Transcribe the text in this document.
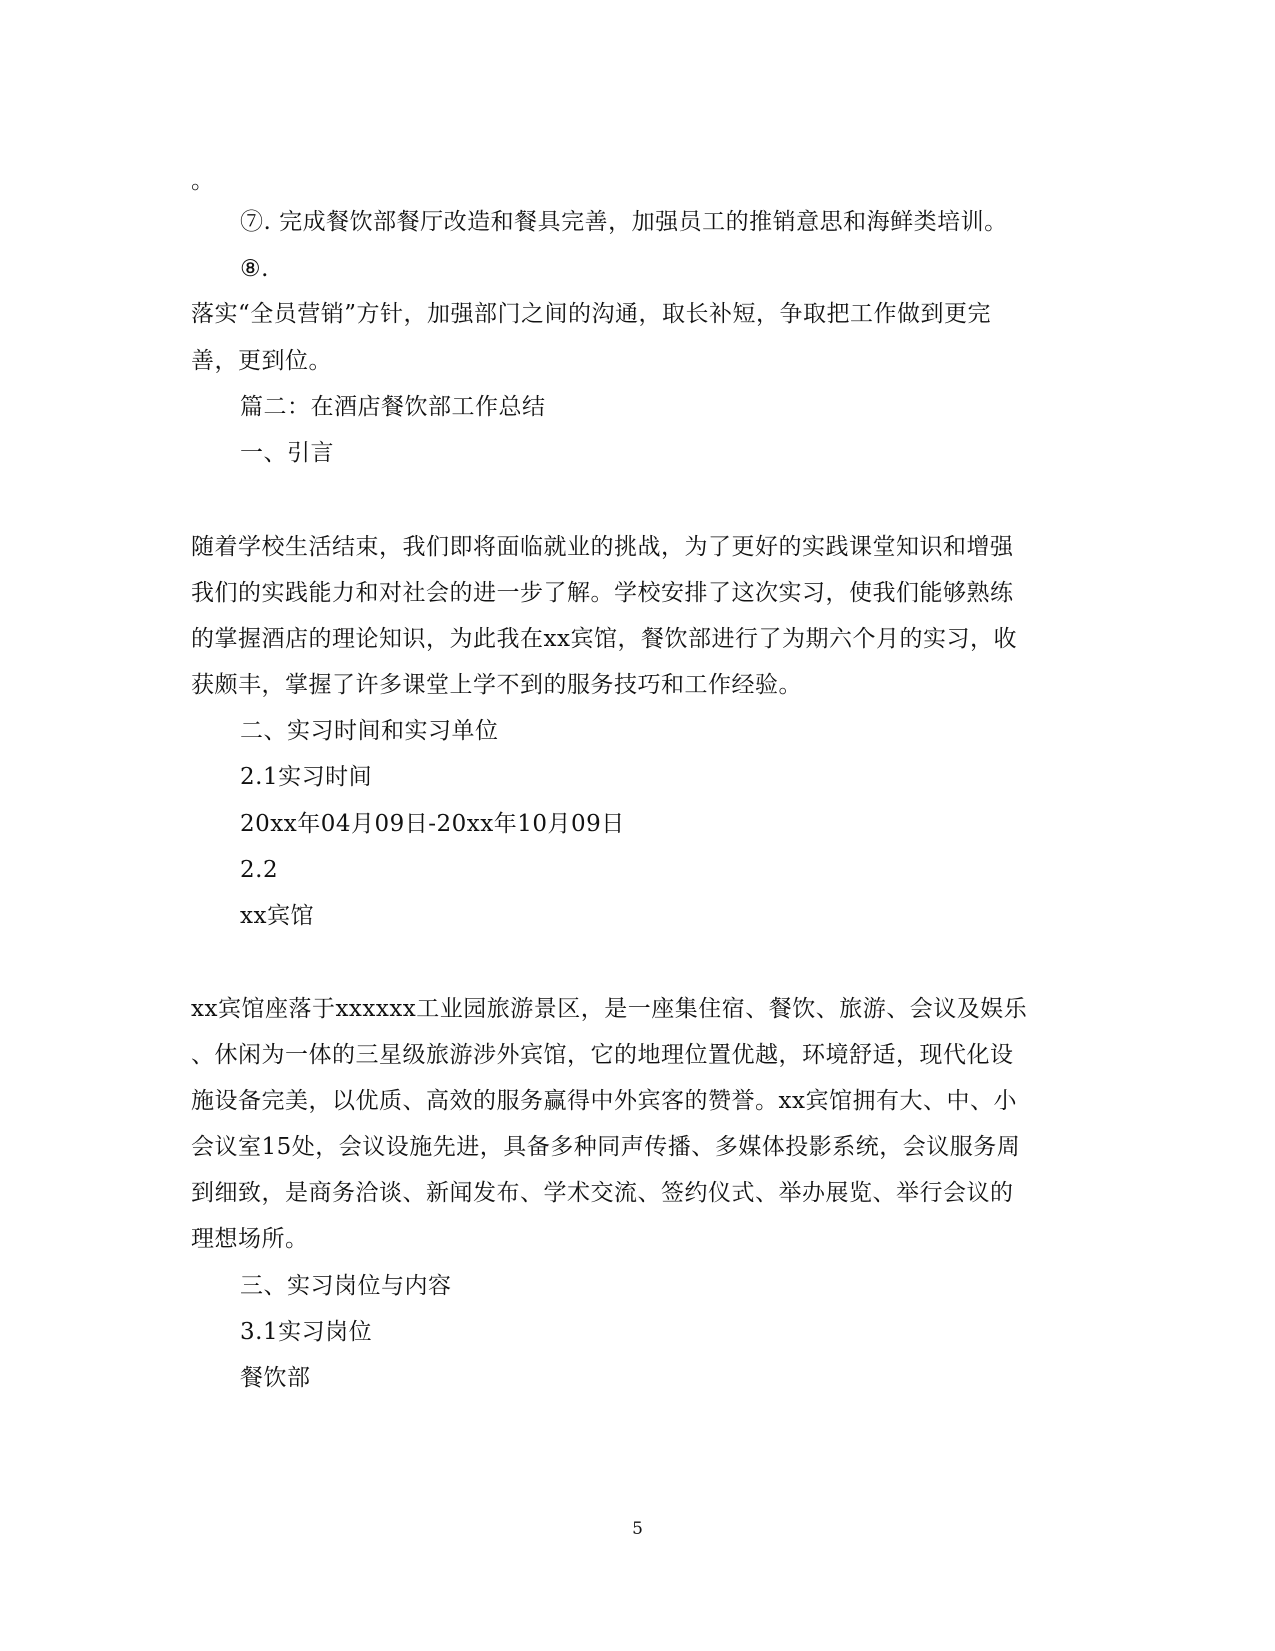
。
⑦. 完成餐饮部餐厅改造和餐具完善，加强员工的推销意思和海鲜类培训。
⑧.
落实“全员营销”方针，加强部门之间的沟通，取长补短，争取把工作做到更完
善，更到位。
篇二：在酒店餐饮部工作总结
一、引言
随着学校生活结束，我们即将面临就业的挑战，为了更好的实践课堂知识和增强
我们的实践能力和对社会的进一步了解。学校安排了这次实习，使我们能够熟练
的掌握酒店的理论知识，为此我在xx宾馆，餐饮部进行了为期六个月的实习，收
获颇丰，掌握了许多课堂上学不到的服务技巧和工作经验。
二、实习时间和实习单位
2.1实习时间
20xx年04月09日-20xx年10月09日
2.2
xx宾馆
xx宾馆座落于xxxxxx工业园旅游景区，是一座集住宿、餐饮、旅游、会议及娱乐
、休闲为一体的三星级旅游涉外宾馆，它的地理位置优越，环境舒适，现代化设
施设备完美，以优质、高效的服务赢得中外宾客的赞誉。xx宾馆拥有大、中、小
会议室15处，会议设施先进，具备多种同声传播、多媒体投影系统，会议服务周
到细致，是商务洽谈、新闻发布、学术交流、签约仪式、举办展览、举行会议的
理想场所。
三、实习岗位与内容
3.1实习岗位
餐饮部
5
